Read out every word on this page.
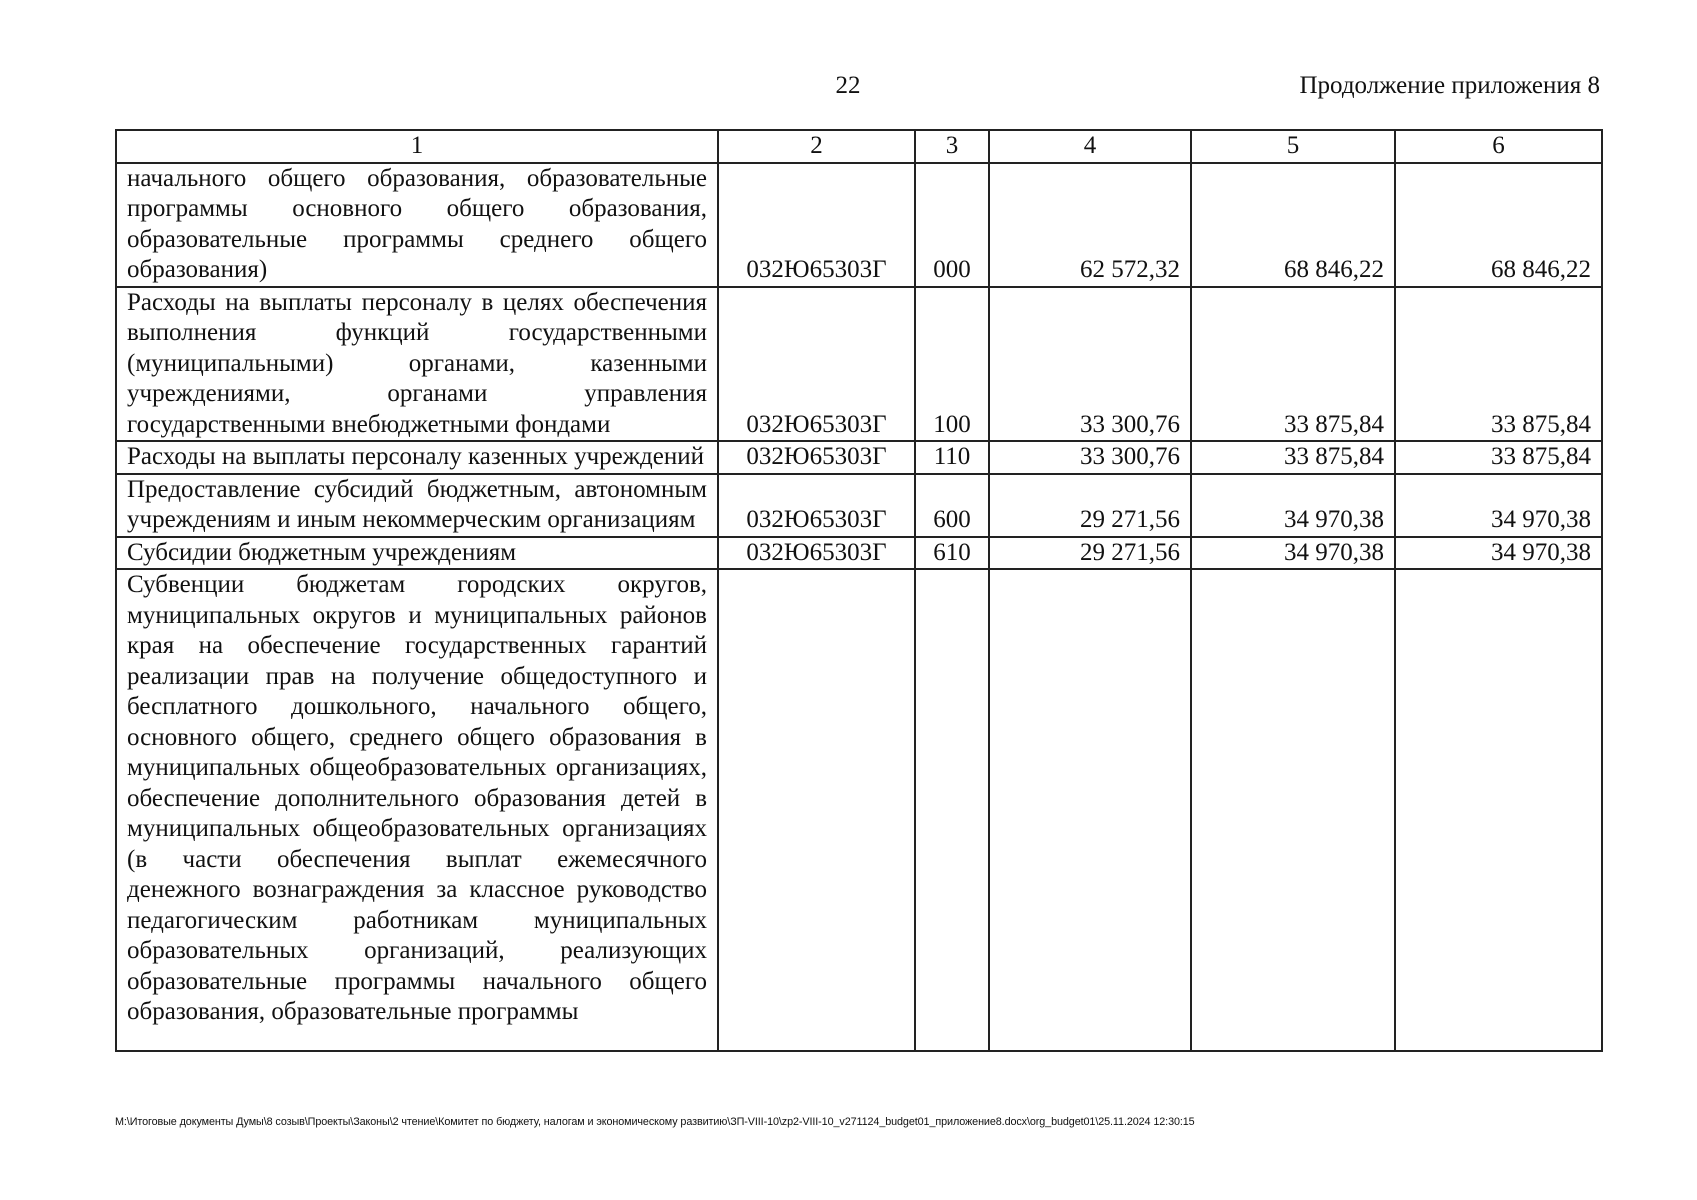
22	Продолжение приложения 8
1	2	3	4	5	6
начального общего образования, образовательные программы основного общего образования, образовательные программы среднего общего образования)	032Ю65303Г	000	62 572,32	68 846,22	68 846,22
Расходы на выплаты персоналу в целях обеспечения выполнения функций государственными (муниципальными) органами, казенными учреждениями, органами управления государственными внебюджетными фондами	032Ю65303Г	100	33 300,76	33 875,84	33 875,84
Расходы на выплаты персоналу казенных учреждений	032Ю65303Г	110	33 300,76	33 875,84	33 875,84
Предоставление субсидий бюджетным, автономным учреждениям и иным некоммерческим организациям	032Ю65303Г	600	29 271,56	34 970,38	34 970,38
Субсидии бюджетным учреждениям	032Ю65303Г	610	29 271,56	34 970,38	34 970,38
Субвенции бюджетам городских округов, муниципальных округов и муниципальных районов края на обеспечение государственных гарантий реализации прав на получение общедоступного и бесплатного дошкольного, начального общего, основного общего, среднего общего образования в муниципальных общеобразовательных организациях, обеспечение дополнительного образования детей в муниципальных общеобразовательных организациях (в части обеспечения выплат ежемесячного денежного вознаграждения за классное руководство педагогическим работникам муниципальных образовательных организаций, реализующих образовательные программы начального общего образования, образовательные программы					
М:\Итоговые документы Думы\8 созыв\Проекты\Законы\2 чтение\Комитет по бюджету, налогам и экономическому развитию\ЗП-VIII-10\zp2-VIII-10_v271124_budget01_приложение8.docx\org_budget01\25.11.2024 12:30:15
